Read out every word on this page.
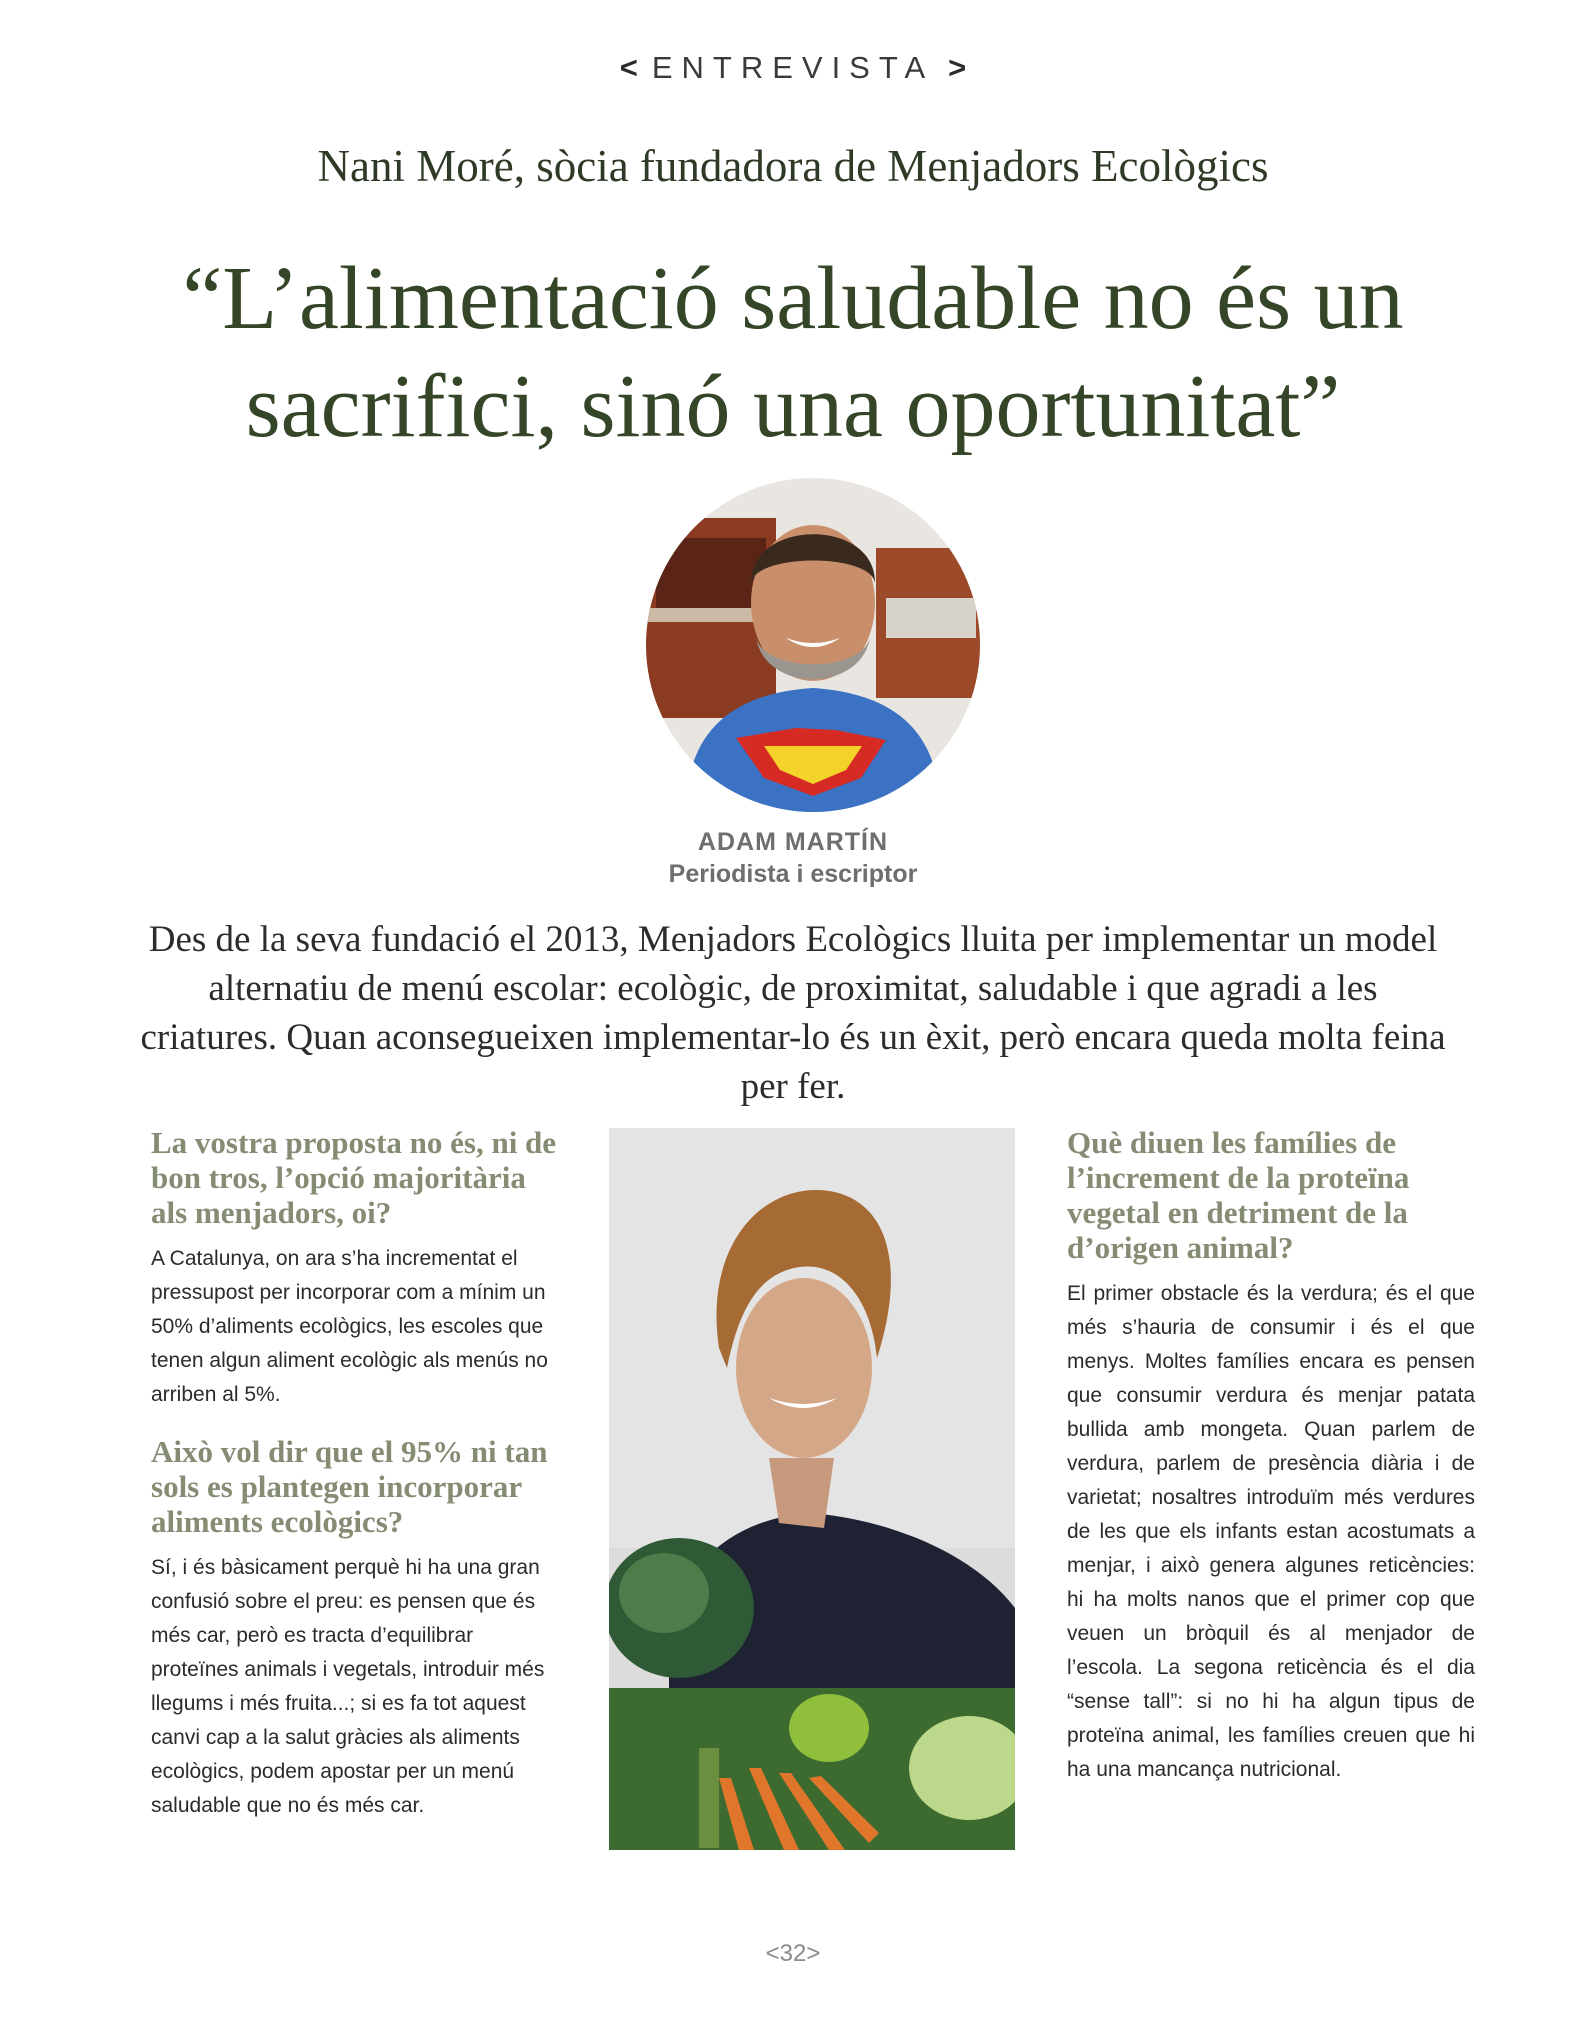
< ENTREVISTA >
Nani Moré, sòcia fundadora de Menjadors Ecològics
“L’alimentació saludable no és un sacrifici, sinó una oportunitat”
ADAM MARTÍN
Periodista i escriptor
Des de la seva fundació el 2013, Menjadors Ecològics lluita per implementar un model alternatiu de menú escolar: ecològic, de proximitat, saludable i que agradi a les criatures. Quan aconsegueixen implementar-lo és un èxit, però encara queda molta feina per fer.

La vostra proposta no és, ni de bon tros, l’opció majoritària als menjadors, oi?

A Catalunya, on ara s’ha incrementat el pressupost per incorporar com a mínim un 50% d’aliments ecològics, les escoles que tenen algun aliment ecològic als menús no arriben al 5%.

Això vol dir que el 95% ni tan sols es plantegen incorporar aliments ecològics?

Sí, i és bàsicament perquè hi ha una gran confusió sobre el preu: es pensen que és més car, però es tracta d’equilibrar proteïnes animals i vegetals, introduir més llegums i més fruita...; si es fa tot aquest canvi cap a la salut gràcies als aliments ecològics, podem apostar per un menú saludable que no és més car.

Què diuen les famílies de l’increment de la proteïna vegetal en detriment de la d’origen animal?

El primer obstacle és la verdura; és el que més s’hauria de consumir i és el que menys. Moltes famílies encara es pensen que consumir verdura és menjar patata bullida amb mongeta. Quan parlem de verdura, parlem de presència diària i de varietat; nosaltres introduïm més verdures de les que els infants estan acostumats a menjar, i això genera algunes reticències: hi ha molts nanos que el primer cop que veuen un bròquil és al menjador de l’escola. La segona reticència és el dia “sense tall”: si no hi ha algun tipus de proteïna animal, les famílies creuen que hi ha una mancança nutricional.

<32>
